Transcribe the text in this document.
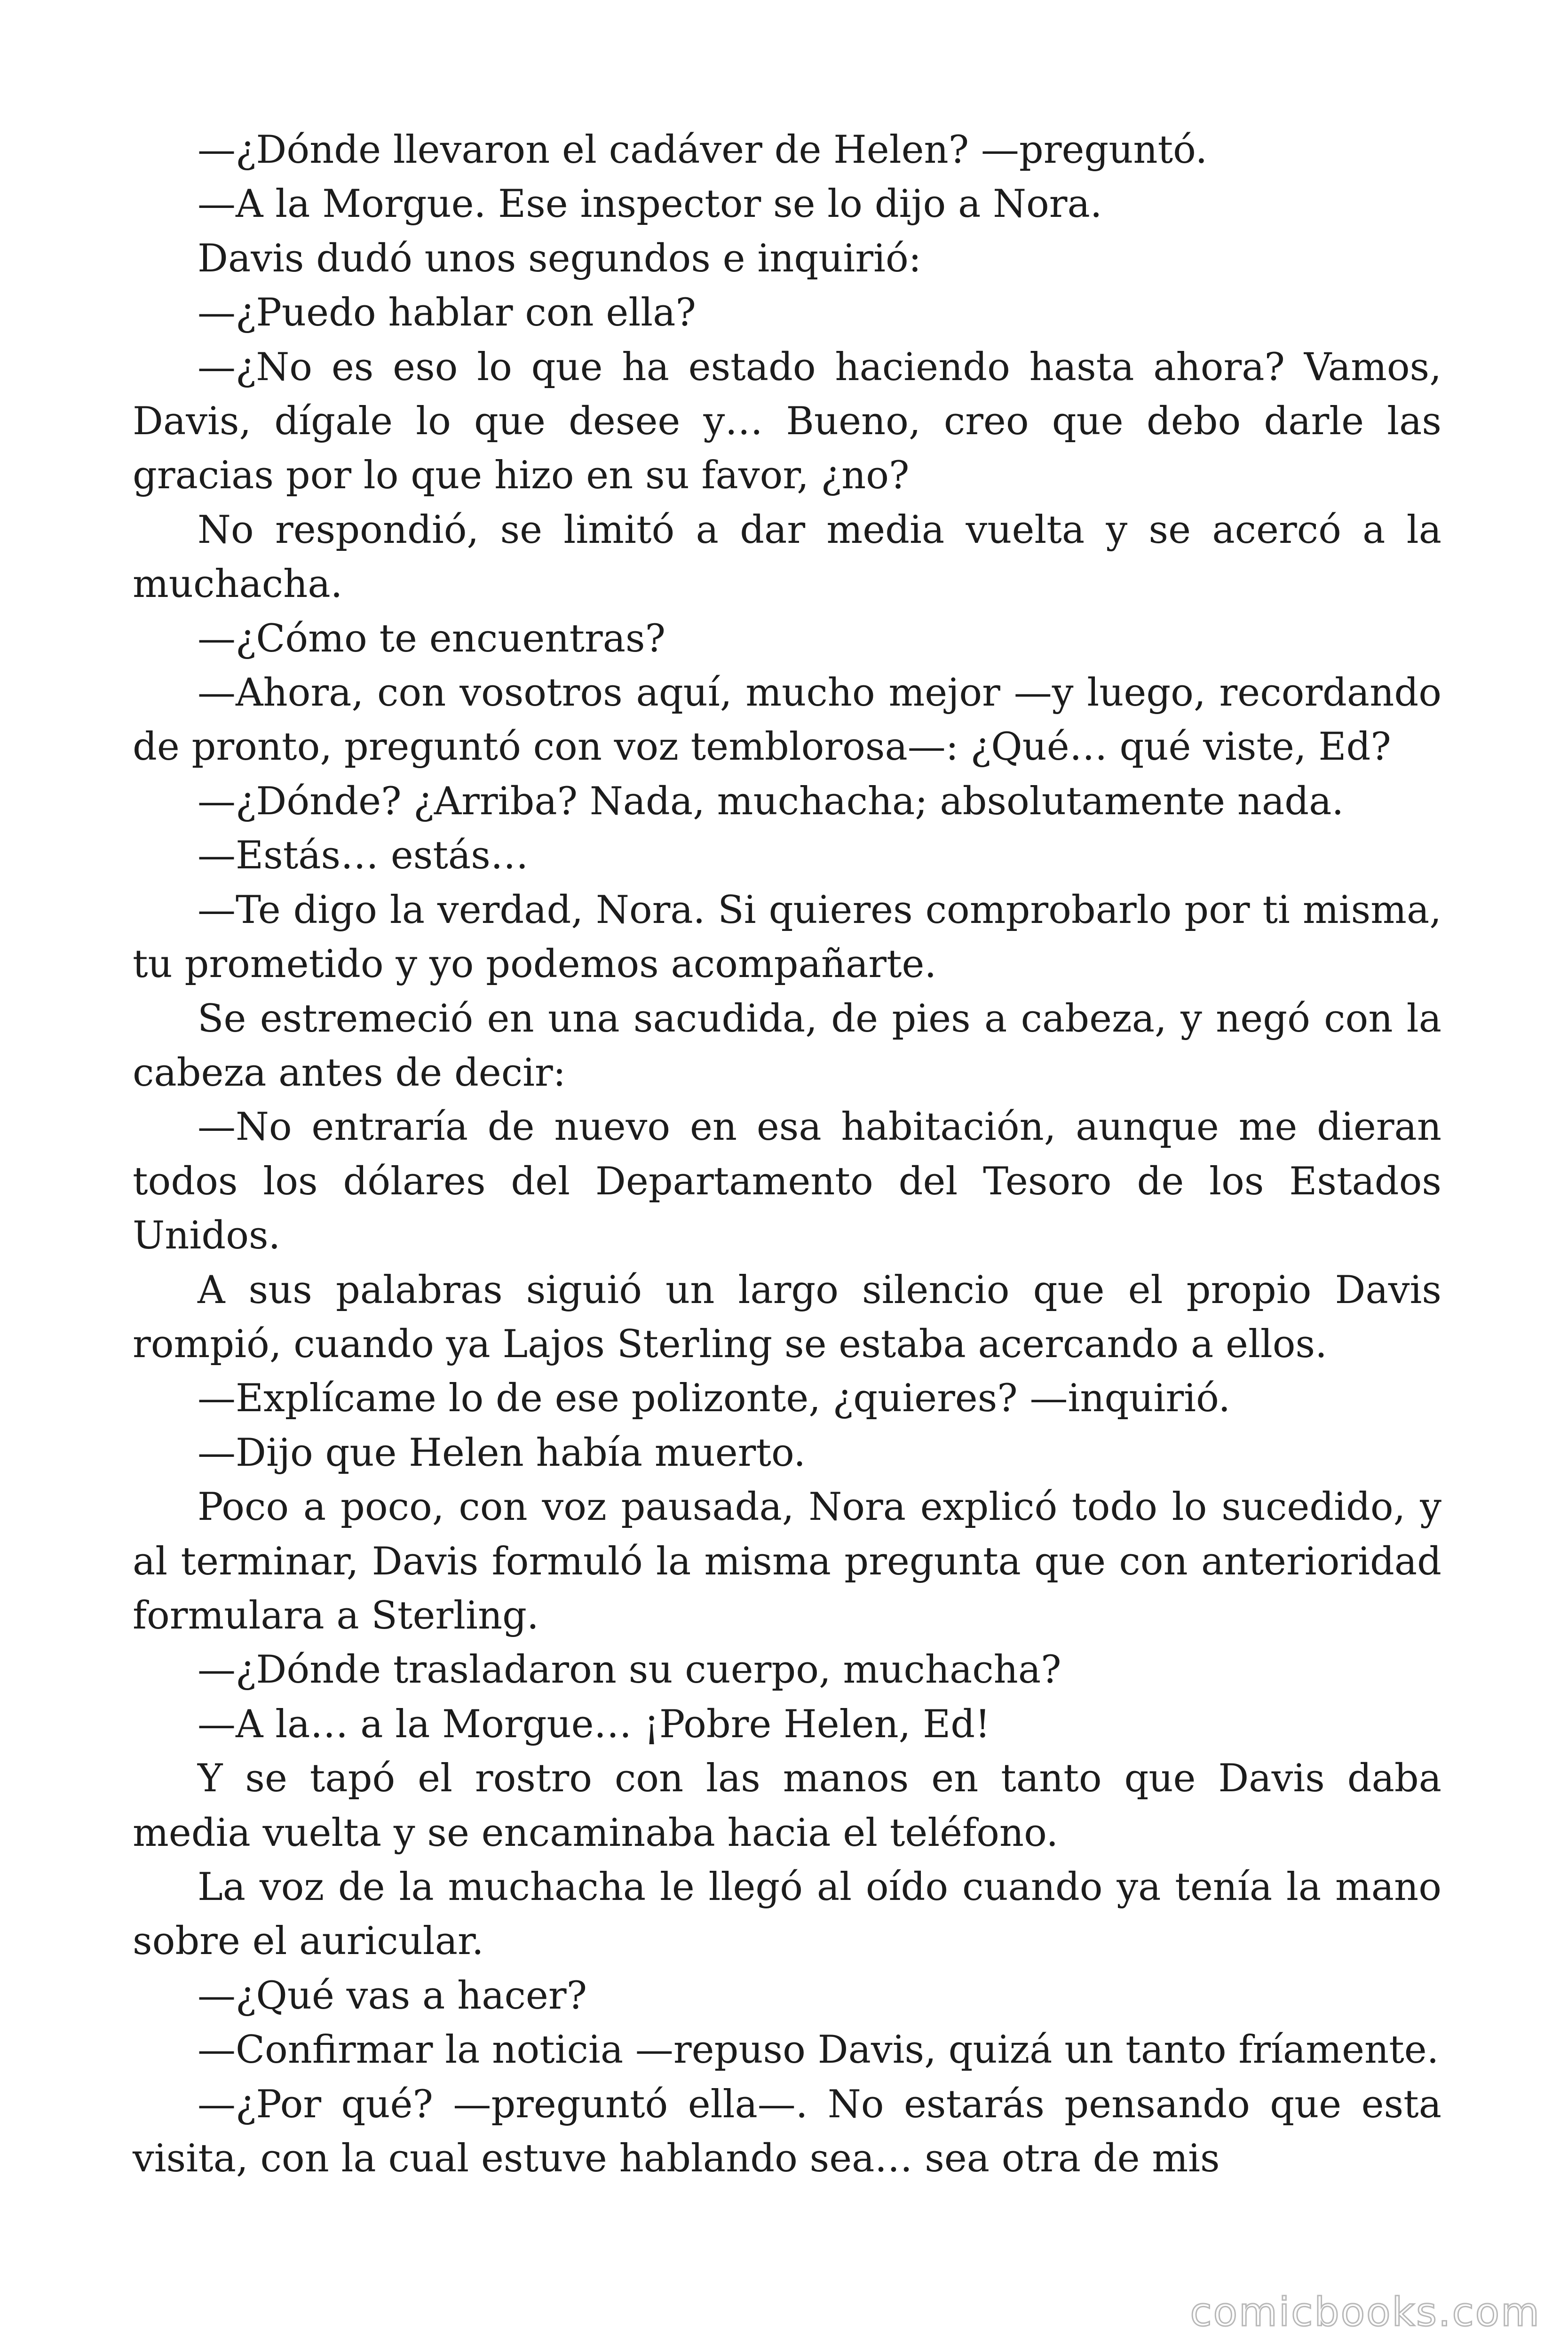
—¿Dónde llevaron el cadáver de Helen? —preguntó.

—A la Morgue. Ese inspector se lo dijo a Nora.

Davis dudó unos segundos e inquirió:

—¿Puedo hablar con ella?

—¿No es eso lo que ha estado haciendo hasta ahora? Vamos, Davis, dígale lo que desee y… Bueno, creo que debo darle las gracias por lo que hizo en su favor, ¿no?

No respondió, se limitó a dar media vuelta y se acercó a la muchacha.

—¿Cómo te encuentras?

—Ahora, con vosotros aquí, mucho mejor —y luego, recordando de pronto, preguntó con voz temblorosa—: ¿Qué… qué viste, Ed?

—¿Dónde? ¿Arriba? Nada, muchacha; absolutamente nada.

—Estás… estás…

—Te digo la verdad, Nora. Si quieres comprobarlo por ti misma, tu prometido y yo podemos acompañarte.

Se estremeció en una sacudida, de pies a cabeza, y negó con la cabeza antes de decir:

—No entraría de nuevo en esa habitación, aunque me dieran todos los dólares del Departamento del Tesoro de los Estados Unidos.

A sus palabras siguió un largo silencio que el propio Davis rompió, cuando ya Lajos Sterling se estaba acercando a ellos.

—Explícame lo de ese polizonte, ¿quieres? —inquirió.

—Dijo que Helen había muerto.

Poco a poco, con voz pausada, Nora explicó todo lo sucedido, y al terminar, Davis formuló la misma pregunta que con anterioridad formulara a Sterling.

—¿Dónde trasladaron su cuerpo, muchacha?

—A la… a la Morgue… ¡Pobre Helen, Ed!

Y se tapó el rostro con las manos en tanto que Davis daba media vuelta y se encaminaba hacia el teléfono.

La voz de la muchacha le llegó al oído cuando ya tenía la mano sobre el auricular.

—¿Qué vas a hacer?

—Confirmar la noticia —repuso Davis, quizá un tanto fríamente.

—¿Por qué? —preguntó ella—. No estarás pensando que esta visita, con la cual estuve hablando sea… sea otra de mis

comicbooks.com
